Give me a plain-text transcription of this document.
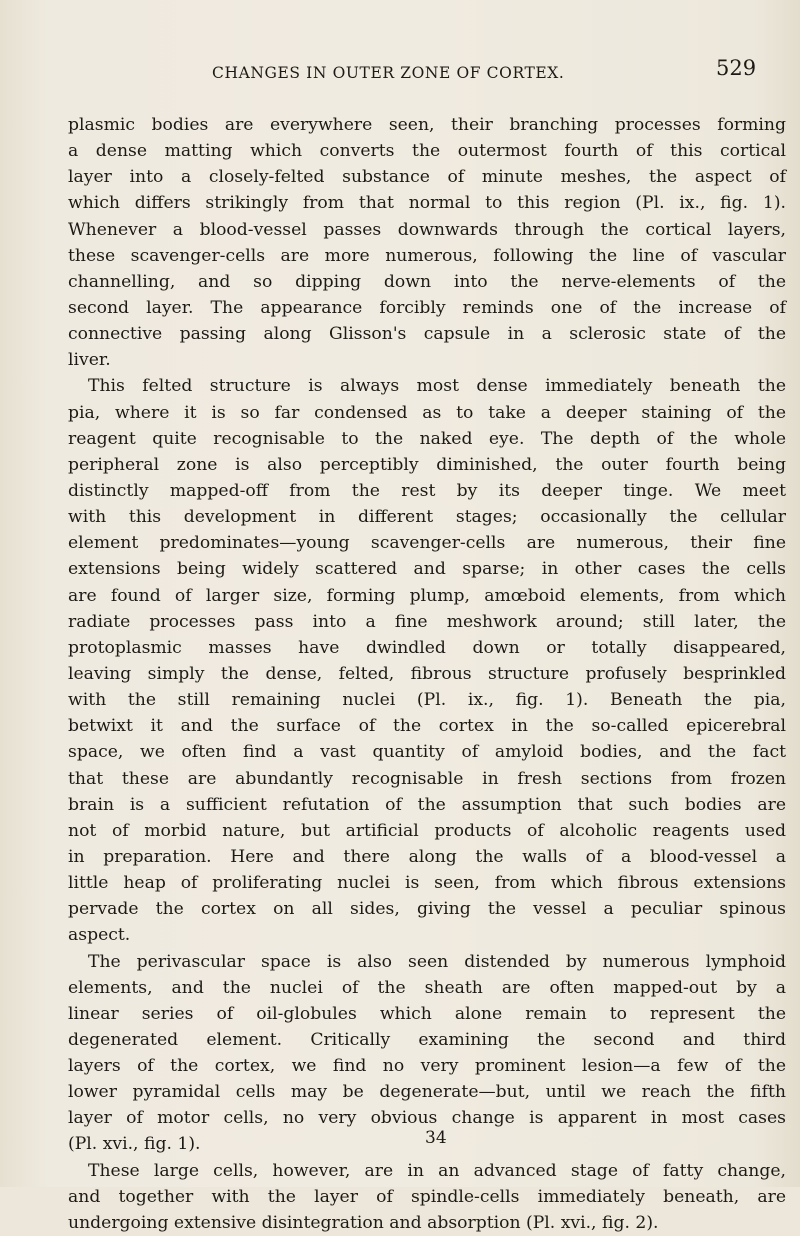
CHANGES IN OUTER ZONE OF CORTEX.	529

plasmic bodies are everywhere seen, their branching processes forming
a dense matting which converts the outermost fourth of this cortical
layer into a closely-felted substance of minute meshes, the aspect of
which differs strikingly from that normal to this region (Pl. ix., fig. 1).
Whenever a blood-vessel passes downwards through the cortical layers,
these scavenger-cells are more numerous, following the line of vascular
channelling, and so dipping down into the nerve-elements of the
second layer. The appearance forcibly reminds one of the increase of
connective passing along Glisson's capsule in a sclerosic state of the
liver.

This felted structure is always most dense immediately beneath the
pia, where it is so far condensed as to take a deeper staining of the
reagent quite recognisable to the naked eye. The depth of the whole
peripheral zone is also perceptibly diminished, the outer fourth being
distinctly mapped-off from the rest by its deeper tinge. We meet
with this development in different stages; occasionally the cellular
element predominates—young scavenger-cells are numerous, their fine
extensions being widely scattered and sparse; in other cases the cells
are found of larger size, forming plump, amœboid elements, from which
radiate processes pass into a fine meshwork around; still later, the
protoplasmic masses have dwindled down or totally disappeared,
leaving simply the dense, felted, fibrous structure profusely besprinkled
with the still remaining nuclei (Pl. ix., fig. 1). Beneath the pia,
betwixt it and the surface of the cortex in the so-called epicerebral
space, we often find a vast quantity of amyloid bodies, and the fact
that these are abundantly recognisable in fresh sections from frozen
brain is a sufficient refutation of the assumption that such bodies are
not of morbid nature, but artificial products of alcoholic reagents used
in preparation. Here and there along the walls of a blood-vessel a
little heap of proliferating nuclei is seen, from which fibrous extensions
pervade the cortex on all sides, giving the vessel a peculiar spinous
aspect.

The perivascular space is also seen distended by numerous lymphoid
elements, and the nuclei of the sheath are often mapped-out by a
linear series of oil-globules which alone remain to represent the
degenerated element. Critically examining the second and third
layers of the cortex, we find no very prominent lesion—a few of the
lower pyramidal cells may be degenerate—but, until we reach the fifth
layer of motor cells, no very obvious change is apparent in most cases
(Pl. xvi., fig. 1).

These large cells, however, are in an advanced stage of fatty change,
and together with the layer of spindle-cells immediately beneath, are
undergoing extensive disintegration and absorption (Pl. xvi., fig. 2).

34
